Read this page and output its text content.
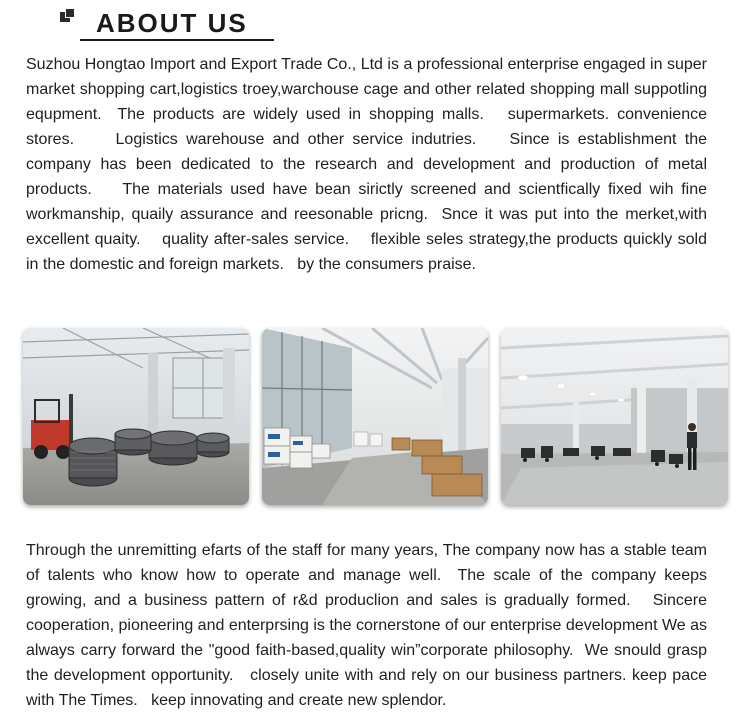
ABOUT US

Suzhou Hongtao Import and Export Trade Co., Ltd is a professional enterprise engaged in super market shopping cart,logistics troey,warchouse cage and other related shopping mall suppotling equpment.  The products are widely used in shopping malls.   supermarkets. convenience stores.     Logistics warehouse and other service indutries.    Since is establishment the company has been dedicated to the research and development and production of metal products.    The materials used have bean sirictly screened and scientfically fixed wih fine workmanship, quaily assurance and reesonable pricng.  Snce it was put into the merket,with excellent quaity.    quality after-sales service.    flexible seles strategy,the products quickly sold in the domestic and foreign markets.   by the consumers praise.

Through the unremitting efarts of the staff for many years, The company now has a stable team of talents who know how to operate and manage well.  The scale of the company keeps growing, and a business pattern of r&d produclion and sales is gradually formed.   Sincere cooperation, pioneering and enterprsing is the cornerstone of our enterprise development We as always carry forward the "good faith-based,quality win”corporate philosophy.  We snould grasp the development opportunity.   closely unite with and rely on our business partners. keep pace with The Times.   keep innovating and create new splendor.
